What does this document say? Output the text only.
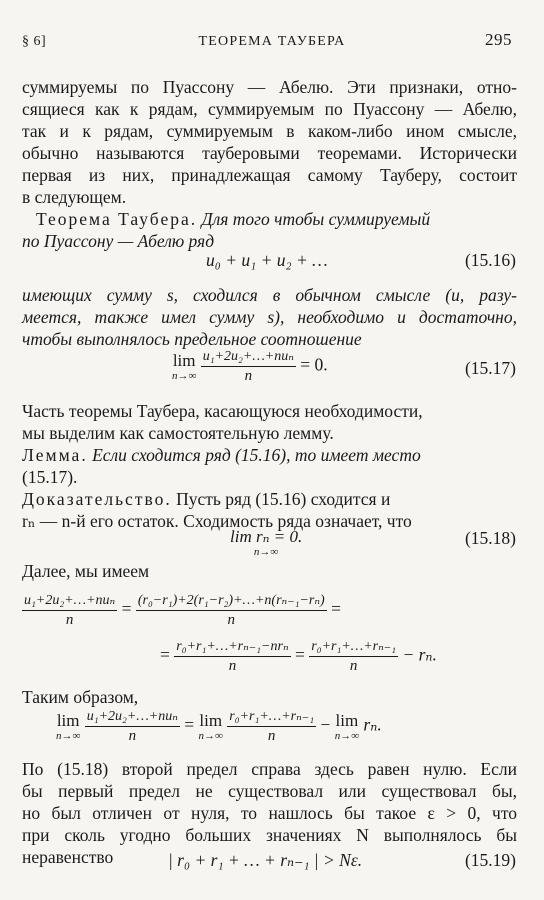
§ 6]	ТЕОРЕМА ТАУБЕРА	295
суммируемы по Пуассону — Абелю. Эти признаки, отно-
сящиеся как к рядам, суммируемым по Пуассону — Абелю,
так и к рядам, суммируемым в каком-либо ином смысле,
обычно называются тауберовыми теоремами. Исторически
первая из них, принадлежащая самому Тауберу, состоит
в следующем.
Теорема Тауберa. Для того чтобы суммируемый
по Пуассону — Абелю ряд
u₀ + u₁ + u₂ + …	(15.16)
имеющих сумму s, сходился в обычном смысле (и, разу-
меется, также имел сумму s), необходимо и достаточно,
чтобы выполнялось предельное соотношение
lim
n→∞
$\frac{\text{u₁+2u₂+…+nuₙ}}{n} = 0$.	(15.17)
Часть теоремы Тауберa, касающуюся необходимости,
мы выделим как самостоятельную лемму.
Лемма. Если сходится ряд (15.16), то имеет место
(15.17).
Доказательство. Пусть ряд (15.16) сходится и
rₙ — n-й его остаток. Сходимость ряда означает, что
lim rₙ = 0.
n→∞
(15.18)
Далее, мы имеем
$\frac{\text{u₁+2u₂+…+nuₙ}}{n} = \frac{\text{(r₀−r₁)+2(r₁−r₂)+…+n(rₙ₋₁−rₙ)}}{n}$ =
= $\frac{\text{r₀+r₁+…+rₙ₋₁−nrₙ}}{n} = \frac{\text{r₀+r₁+…+rₙ₋₁}}{n} - r_n$.
Таким образом,
lim
n→∞
$\frac{\text{u₁+2u₂+…+nuₙ}}{n} = \lim$
n→∞
$\frac{\text{r₀+r₁+…+rₙ₋₁}}{n} - \lim$
n→∞
rₙ.
По (15.18) второй предел справа здесь равен нулю. Если
бы первый предел не существовал или существовал бы,
но был отличен от нуля, то нашлось бы такое ε > 0, что
при сколь угодно больших значениях N выполнялось бы
неравенство	| r₀ + r₁ + … + rₙ₋₁ | > Nε.	(15.19)
